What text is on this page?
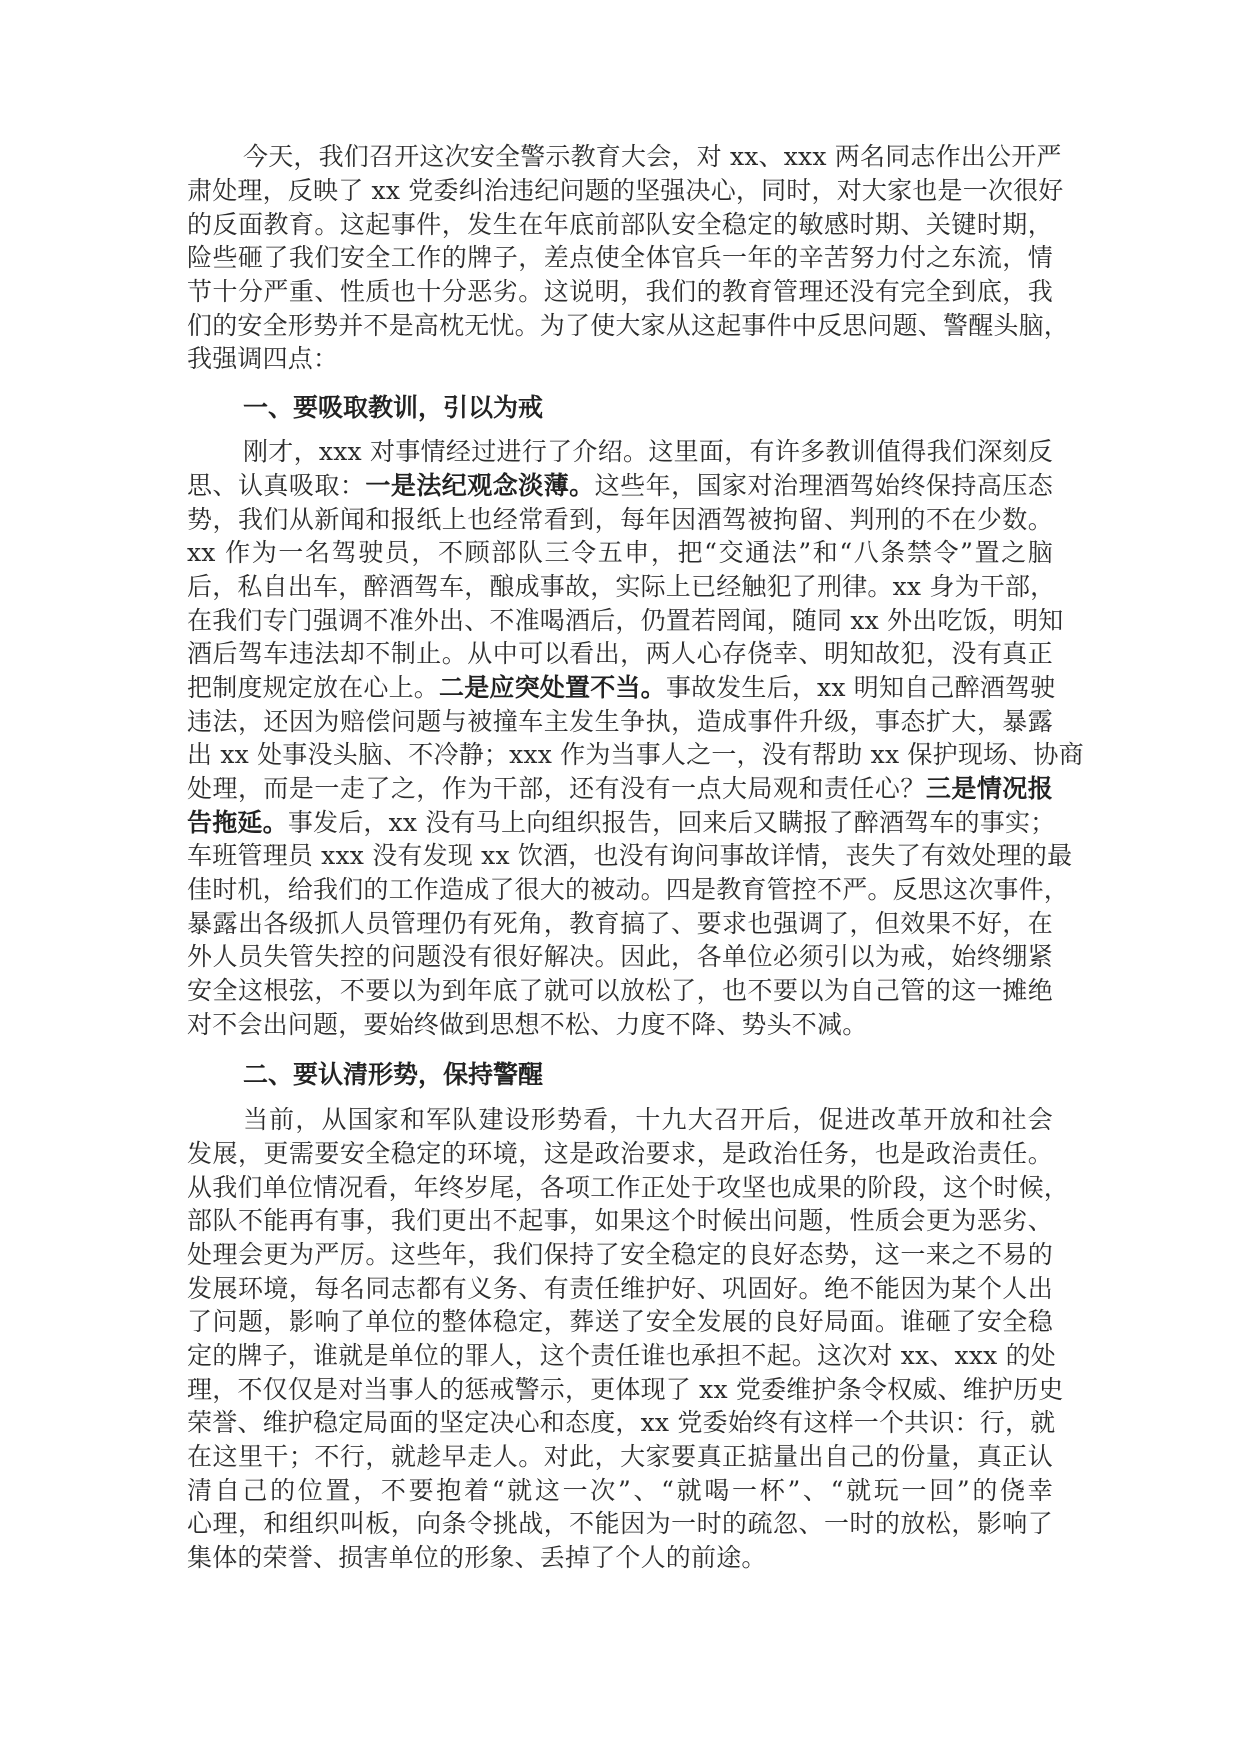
今天，我们召开这次安全警示教育大会，对 xx、xxx 两名同志作出公开严
肃处理，反映了 xx 党委纠治违纪问题的坚强决心，同时，对大家也是一次很好
的反面教育。这起事件，发生在年底前部队安全稳定的敏感时期、关键时期，
险些砸了我们安全工作的牌子，差点使全体官兵一年的辛苦努力付之东流，情
节十分严重、性质也十分恶劣。这说明，我们的教育管理还没有完全到底，我
们的安全形势并不是高枕无忧。为了使大家从这起事件中反思问题、警醒头脑，
我强调四点：
一、要吸取教训，引以为戒
刚才，xxx 对事情经过进行了介绍。这里面，有许多教训值得我们深刻反
思、认真吸取：一是法纪观念淡薄。这些年，国家对治理酒驾始终保持高压态
势，我们从新闻和报纸上也经常看到，每年因酒驾被拘留、判刑的不在少数。
xx 作为一名驾驶员，不顾部队三令五申，把“交通法”和“八条禁令”置之脑
后，私自出车，醉酒驾车，酿成事故，实际上已经触犯了刑律。xx 身为干部，
在我们专门强调不准外出、不准喝酒后，仍置若罔闻，随同 xx 外出吃饭，明知
酒后驾车违法却不制止。从中可以看出，两人心存侥幸、明知故犯，没有真正
把制度规定放在心上。二是应突处置不当。事故发生后，xx 明知自己醉酒驾驶
违法，还因为赔偿问题与被撞车主发生争执，造成事件升级，事态扩大，暴露
出 xx 处事没头脑、不冷静；xxx 作为当事人之一，没有帮助 xx 保护现场、协商
处理，而是一走了之，作为干部，还有没有一点大局观和责任心？三是情况报
告拖延。事发后，xx 没有马上向组织报告，回来后又瞒报了醉酒驾车的事实；
车班管理员 xxx 没有发现 xx 饮酒，也没有询问事故详情，丧失了有效处理的最
佳时机，给我们的工作造成了很大的被动。四是教育管控不严。反思这次事件，
暴露出各级抓人员管理仍有死角，教育搞了、要求也强调了，但效果不好，在
外人员失管失控的问题没有很好解决。因此，各单位必须引以为戒，始终绷紧
安全这根弦，不要以为到年底了就可以放松了，也不要以为自己管的这一摊绝
对不会出问题，要始终做到思想不松、力度不降、势头不减。
二、要认清形势，保持警醒
当前，从国家和军队建设形势看，十九大召开后，促进改革开放和社会
发展，更需要安全稳定的环境，这是政治要求，是政治任务，也是政治责任。
从我们单位情况看，年终岁尾，各项工作正处于攻坚也成果的阶段，这个时候，
部队不能再有事，我们更出不起事，如果这个时候出问题，性质会更为恶劣、
处理会更为严厉。这些年，我们保持了安全稳定的良好态势，这一来之不易的
发展环境，每名同志都有义务、有责任维护好、巩固好。绝不能因为某个人出
了问题，影响了单位的整体稳定，葬送了安全发展的良好局面。谁砸了安全稳
定的牌子，谁就是单位的罪人，这个责任谁也承担不起。这次对 xx、xxx 的处
理，不仅仅是对当事人的惩戒警示，更体现了 xx 党委维护条令权威、维护历史
荣誉、维护稳定局面的坚定决心和态度，xx 党委始终有这样一个共识：行，就
在这里干；不行，就趁早走人。对此，大家要真正掂量出自己的份量，真正认
清自己的位置，不要抱着“就这一次”、“就喝一杯”、“就玩一回”的侥幸
心理，和组织叫板，向条令挑战，不能因为一时的疏忽、一时的放松，影响了
集体的荣誉、损害单位的形象、丢掉了个人的前途。
